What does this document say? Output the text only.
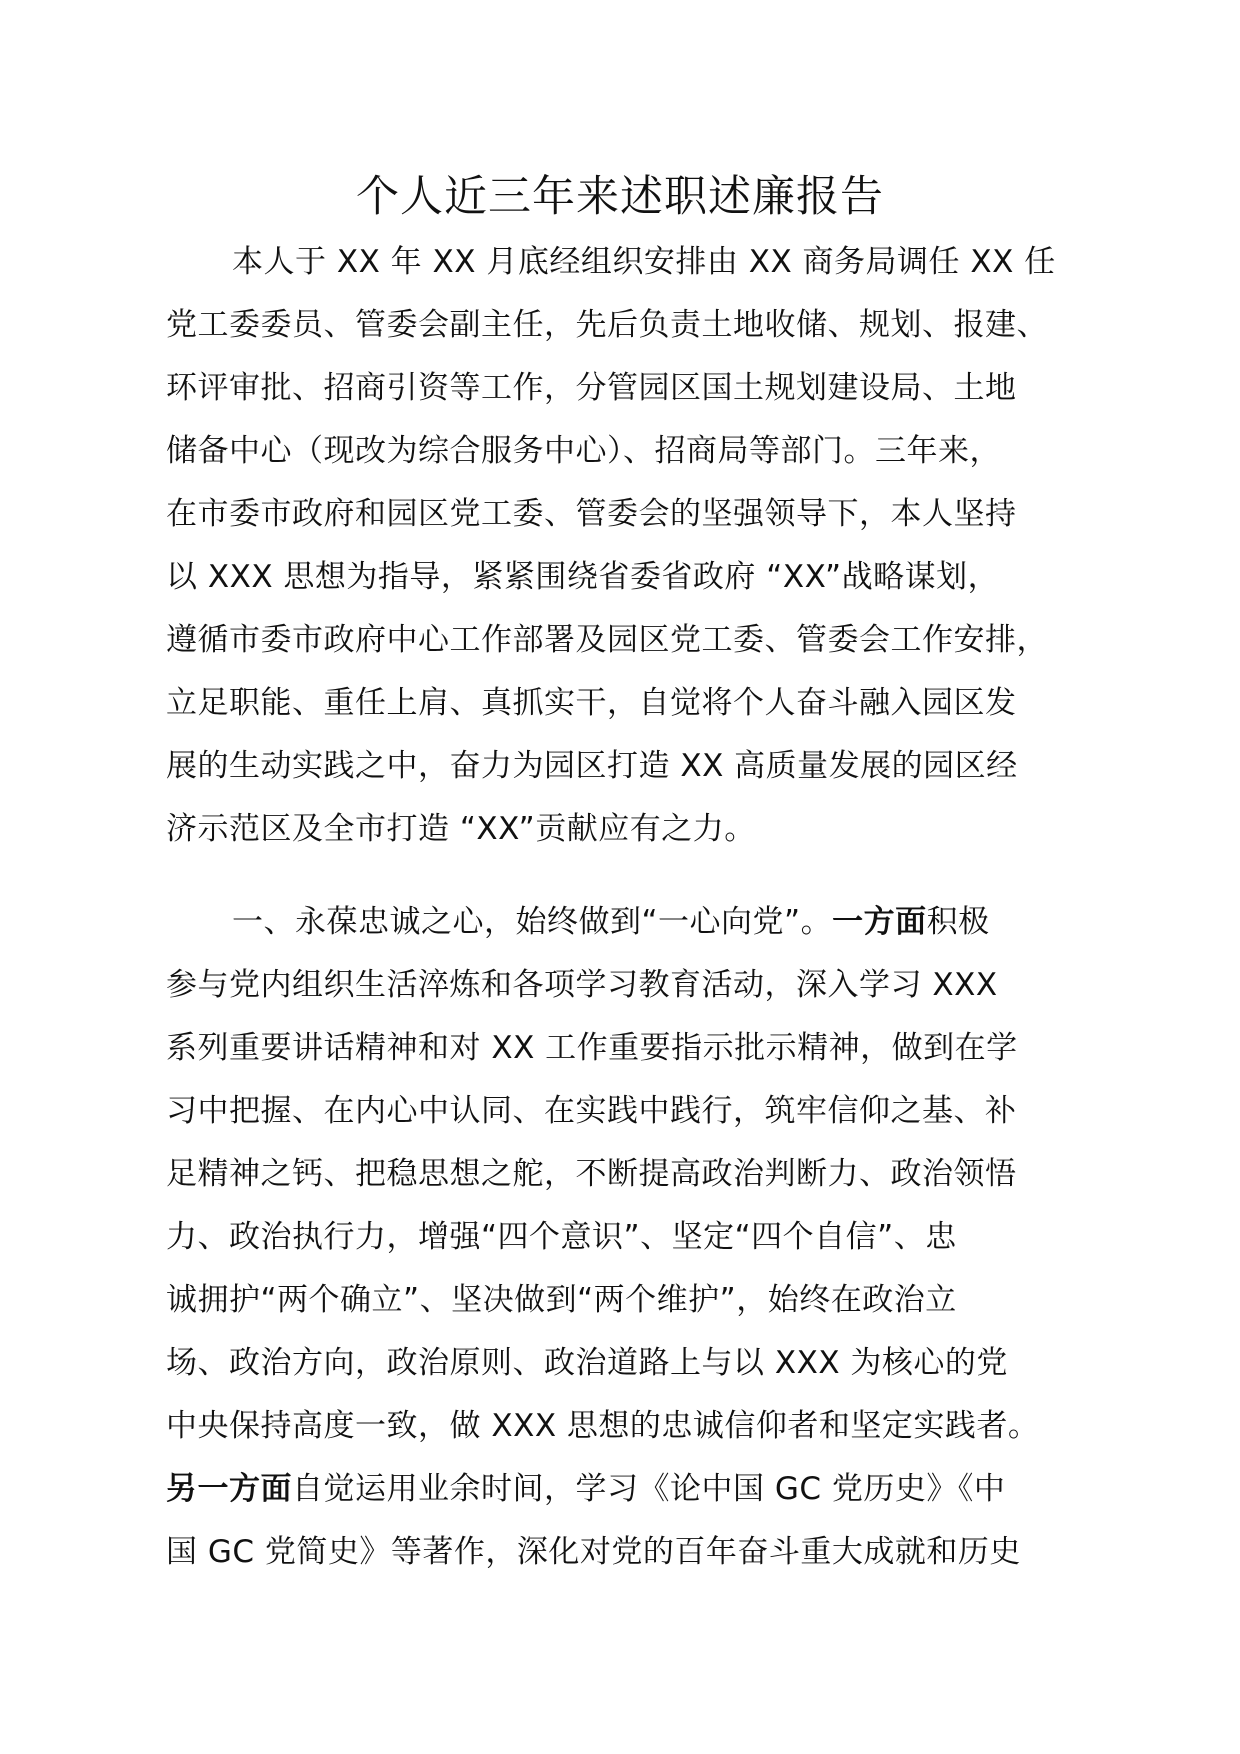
个人近三年来述职述廉报告
本人于 XX 年 XX 月底经组织安排由 XX 商务局调任 XX 任
党工委委员、管委会副主任，先后负责土地收储、规划、报建、
环评审批、招商引资等工作，分管园区国土规划建设局、土地
储备中心（现改为综合服务中心）、招商局等部门。三年来，
在市委市政府和园区党工委、管委会的坚强领导下，本人坚持
以 XXX 思想为指导，紧紧围绕省委省政府 “XX”战略谋划，
遵循市委市政府中心工作部署及园区党工委、管委会工作安排，
立足职能、重任上肩、真抓实干，自觉将个人奋斗融入园区发
展的生动实践之中，奋力为园区打造 XX 高质量发展的园区经
济示范区及全市打造 “XX”贡献应有之力。
一、永葆忠诚之心，始终做到“一心向党”。一方面积极
参与党内组织生活淬炼和各项学习教育活动，深入学习 XXX
系列重要讲话精神和对 XX 工作重要指示批示精神，做到在学
习中把握、在内心中认同、在实践中践行，筑牢信仰之基、补
足精神之钙、把稳思想之舵，不断提高政治判断力、政治领悟
力、政治执行力，增强“四个意识”、坚定“四个自信”、忠
诚拥护“两个确立”、坚决做到“两个维护”，始终在政治立
场、政治方向，政治原则、政治道路上与以 XXX 为核心的党
中央保持高度一致，做 XXX 思想的忠诚信仰者和坚定实践者。
另一方面自觉运用业余时间，学习《论中国 GC 党历史》《中
国 GC 党简史》等著作，深化对党的百年奋斗重大成就和历史
